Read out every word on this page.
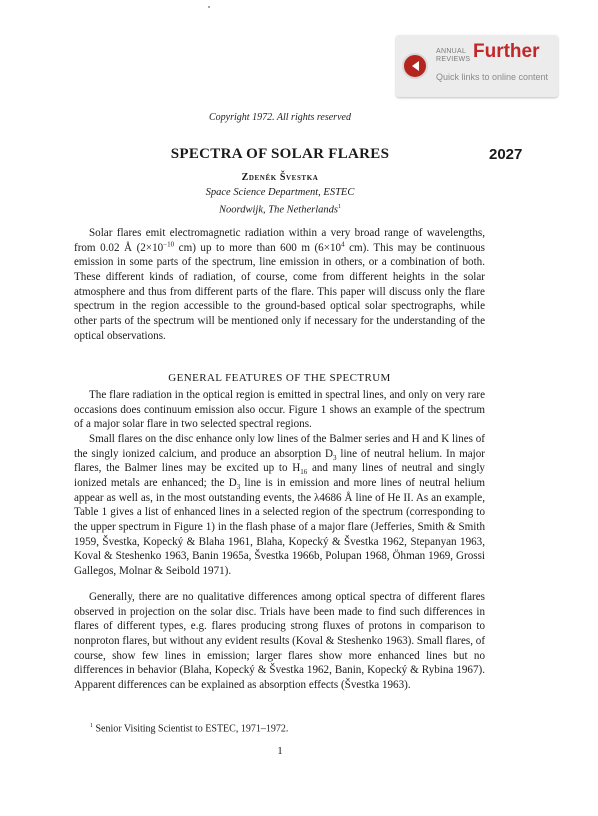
ANNUAL
REVIEWS Further
Quick links to online content
Copyright 1972. All rights reserved
SPECTRA OF SOLAR FLARES	2027
Zdeněk Švestka
Space Science Department, ESTEC
Noordwijk, The Netherlands$^1$

Solar flares emit electromagnetic radiation within a very broad range of wavelengths, from 0.02 Å ($2\times 10^{-10}$ cm) up to more than 600 m ($6\times 10^4$ cm). This may be continuous emission in some parts of the spectrum, line emission in others, or a combination of both. These different kinds of radiation, of course, come from different heights in the solar atmosphere and thus from different parts of the flare. This paper will discuss only the flare spectrum in the region accessible to the ground-based optical solar spectrographs, while other parts of the spectrum will be mentioned only if necessary for the understanding of the optical observations.

GENERAL FEATURES OF THE SPECTRUM

The flare radiation in the optical region is emitted in spectral lines, and only on very rare occasions does continuum emission also occur. Figure 1 shows an example of the spectrum of a major solar flare in two selected spectral regions.

Small flares on the disc enhance only low lines of the Balmer series and H and K lines of the singly ionized calcium, and produce an absorption $D_3$ line of neutral helium. In major flares, the Balmer lines may be excited up to $H_{16}$ and many lines of neutral and singly ionized metals are enhanced; the $D_3$ line is in emission and more lines of neutral helium appear as well as, in the most outstanding events, the λ4686 Å line of He II. As an example, Table 1 gives a list of enhanced lines in a selected region of the spectrum (corresponding to the upper spectrum in Figure 1) in the flash phase of a major flare (Jefferies, Smith & Smith 1959, Švestka, Kopecký & Blaha 1961, Blaha, Kopecký & Švestka 1962, Stepanyan 1963, Koval & Steshenko 1963, Banin 1965a, Švestka 1966b, Polupan 1968, Öhman 1969, Grossi Gallegos, Molnar & Seibold 1971).

Generally, there are no qualitative differences among optical spectra of different flares observed in projection on the solar disc. Trials have been made to find such differences in flares of different types, e.g. flares producing strong fluxes of protons in comparison to nonproton flares, but without any evident results (Koval & Steshenko 1963). Small flares, of course, show few lines in emission; larger flares show more enhanced lines but no differences in behavior (Blaha, Kopecký & Švestka 1962, Banin, Kopecký & Rybina 1967). Apparent differences can be explained as absorption effects (Švestka 1963).

$^1$ Senior Visiting Scientist to ESTEC, 1971–1972.
1
